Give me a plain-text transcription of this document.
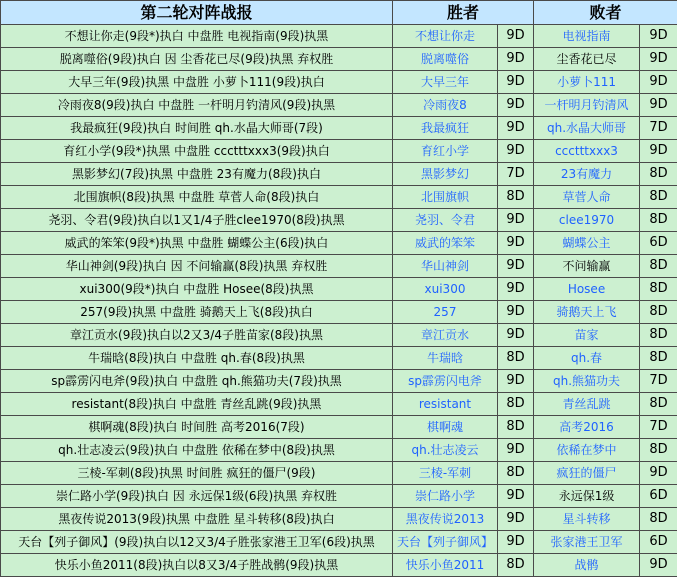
第二轮对阵战报	胜者		败者	
不想让你走(9段*)执白 中盘胜 电视指南(9段)执黑	不想让你走	9D	电视指南	9D
脱离噬俗(9段)执白 因 尘香花已尽(9段)执黑 弃权胜	脱离噬俗	9D	尘香花已尽	9D
大早三年(9段)执黑 中盘胜 小萝卜111(9段)执白	大早三年	9D	小萝卜111	9D
冷雨夜8(9段)执白 中盘胜 一杆明月钓清风(9段)执黑	冷雨夜8	9D	一杆明月钓清风	9D
我最疯狂(9段)执白 时间胜 qh.水晶大师哥(7段)	我最疯狂	9D	qh.水晶大师哥	7D
育红小学(9段*)执黑 中盘胜 ccctttxxx3(9段)执白	育红小学	9D	ccctttxxx3	9D
黑影梦幻(7段)执黑 中盘胜 23有魔力(8段)执白	黑影梦幻	7D	23有魔力	8D
北围旗帜(8段)执黑 中盘胜 草菅人命(8段)执白	北围旗帜	8D	草菅人命	8D
尧羽、令君(9段)执白以1又1/4子胜clee1970(8段)执黑	尧羽、令君	9D	clee1970	8D
威武的笨笨(9段*)执黑 中盘胜 蝴蝶公主(6段)执白	威武的笨笨	9D	蝴蝶公主	6D
华山神剑(9段)执白 因 不问输赢(8段)执黑 弃权胜	华山神剑	9D	不问输赢	8D
xui300(9段*)执白 中盘胜 Hosee(8段)执黑	xui300	9D	Hosee	8D
257(9段)执黑 中盘胜 骑鹅天上飞(8段)执白	257	9D	骑鹅天上飞	8D
章江贡水(9段)执白以2又3/4子胜苗家(8段)执黑	章江贡水	9D	苗家	8D
牛瑞晗(8段)执白 中盘胜 qh.春(8段)执黑	牛瑞晗	8D	qh.春	8D
sp霹雳闪电斧(9段)执白 中盘胜 qh.熊猫功夫(7段)执黑	sp霹雳闪电斧	9D	qh.熊猫功夫	7D
resistant(8段)执白 中盘胜 青丝乱跳(9段)执黑	resistant	8D	青丝乱跳	8D
棋啊魂(8段)执白 时间胜 高考2016(7段)	棋啊魂	8D	高考2016	7D
qh.壮志凌云(9段)执白 中盘胜 依稀在梦中(8段)执黑	qh.壮志凌云	9D	依稀在梦中	8D
三棱-军刺(8段)执黑 时间胜 疯狂的僵尸(9段)	三棱-军刺	8D	疯狂的僵尸	9D
崇仁路小学(9段)执白 因 永远保1级(6段)执黑 弃权胜	崇仁路小学	9D	永远保1级	6D
黑夜传说2013(9段)执黑 中盘胜 星斗转移(8段)执白	黑夜传说2013	9D	星斗转移	8D
天台【列子御风】(9段)执白以12又3/4子胜张家港王卫军(6段)执黑	天台【列子御风】	9D	张家港王卫军	6D
快乐小鱼2011(8段)执白以8又3/4子胜战鹘(9段)执黑	快乐小鱼2011	8D	战鹘	9D
